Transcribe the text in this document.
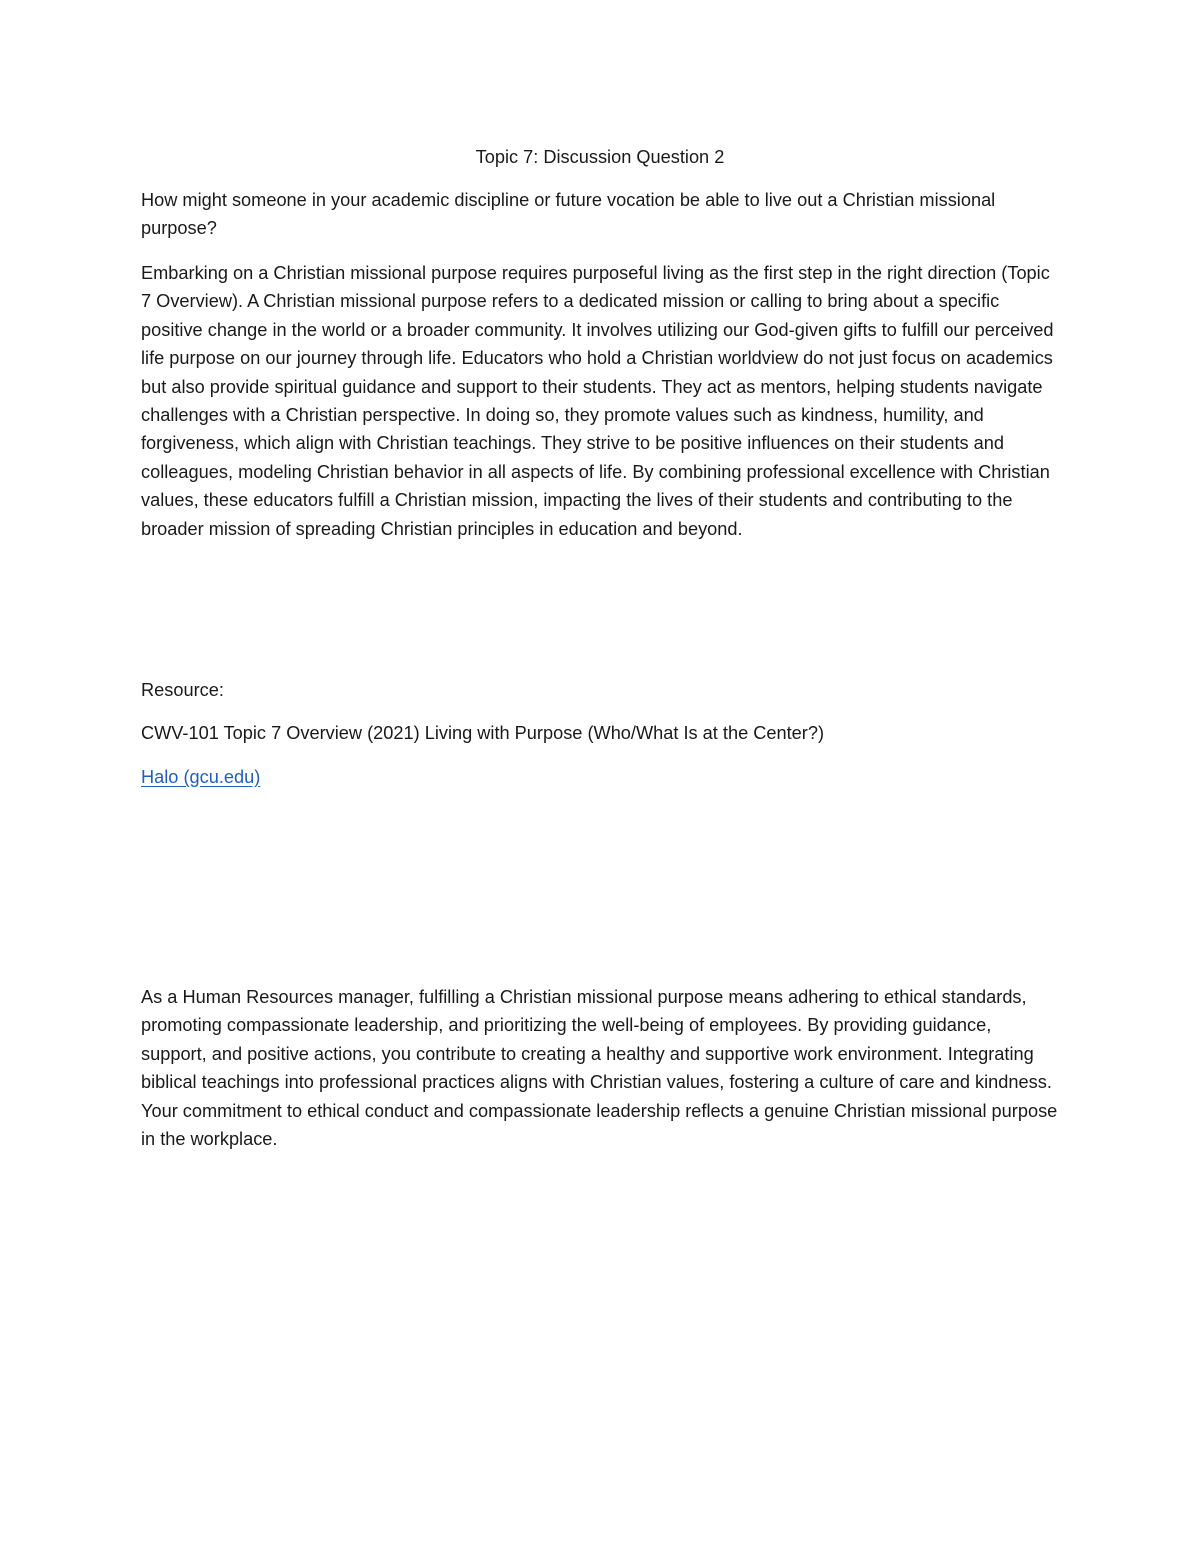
Topic 7: Discussion Question 2

How might someone in your academic discipline or future vocation be able to live out a Christian missional purpose?

Embarking on a Christian missional purpose requires purposeful living as the first step in the right direction (Topic 7 Overview). A Christian missional purpose refers to a dedicated mission or calling to bring about a specific positive change in the world or a broader community. It involves utilizing our God-given gifts to fulfill our perceived life purpose on our journey through life. Educators who hold a Christian worldview do not just focus on academics but also provide spiritual guidance and support to their students. They act as mentors, helping students navigate challenges with a Christian perspective. In doing so, they promote values such as kindness, humility, and forgiveness, which align with Christian teachings. They strive to be positive influences on their students and colleagues, modeling Christian behavior in all aspects of life. By combining professional excellence with Christian values, these educators fulfill a Christian mission, impacting the lives of their students and contributing to the broader mission of spreading Christian principles in education and beyond.

Resource:

CWV-101 Topic 7 Overview (2021) Living with Purpose (Who/What Is at the Center?)

Halo (gcu.edu)

As a Human Resources manager, fulfilling a Christian missional purpose means adhering to ethical standards, promoting compassionate leadership, and prioritizing the well-being of employees. By providing guidance, support, and positive actions, you contribute to creating a healthy and supportive work environment. Integrating biblical teachings into professional practices aligns with Christian values, fostering a culture of care and kindness. Your commitment to ethical conduct and compassionate leadership reflects a genuine Christian missional purpose in the workplace.
